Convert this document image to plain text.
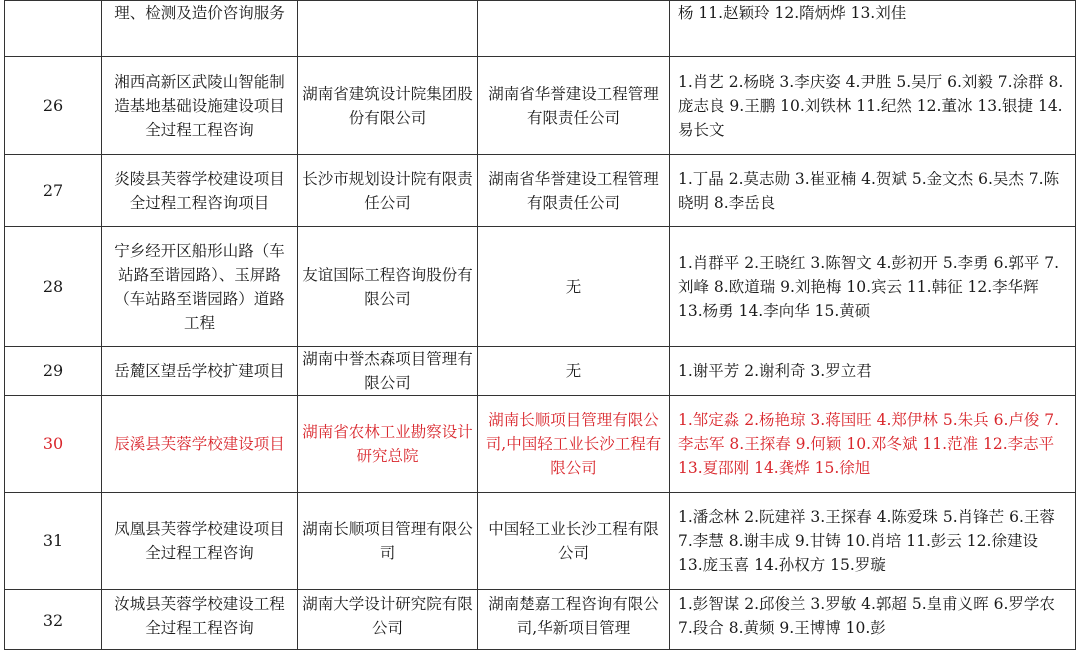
	理、检测及造价咨询服务			杨 11.赵颖玲 12.隋炳烨 13.刘佳
26	湘西高新区武陵山智能制造基地基础设施建设项目全过程工程咨询	湖南省建筑设计院集团股份有限公司	湖南省华誉建设工程管理有限责任公司	1.肖艺 2.杨晓 3.李庆姿 4.尹胜 5.吴厅 6.刘毅 7.涂群 8.庞志良 9.王鹏 10.刘铁林 11.纪然 12.董冰 13.银捷 14.易长文
27	炎陵县芙蓉学校建设项目全过程工程咨询项目	长沙市规划设计院有限责任公司	湖南省华誉建设工程管理有限责任公司	1.丁晶 2.莫志勋 3.崔亚楠 4.贺斌 5.金文杰 6.吴杰 7.陈晓明 8.李岳良
28	宁乡经开区船形山路（车站路至谐园路）、玉屏路（车站路至谐园路）道路工程	友谊国际工程咨询股份有限公司	无	1.肖群平 2.王晓红 3.陈智文 4.彭初开 5.李勇 6.郭平 7.刘峰 8.欧道瑞 9.刘艳梅 10.宾云 11.韩征 12.李华辉 13.杨勇 14.李向华 15.黄硕
29	岳麓区望岳学校扩建项目	湖南中誉杰森项目管理有限公司	无	1.谢平芳 2.谢利奇 3.罗立君
30	辰溪县芙蓉学校建设项目	湖南省农林工业勘察设计研究总院	湖南长顺项目管理有限公司,中国轻工业长沙工程有限公司	1.邹定淼 2.杨艳琼 3.蒋国旺 4.郑伊林 5.朱兵 6.卢俊 7.李志军 8.王探春 9.何颖 10.邓冬斌 11.范准 12.李志平 13.夏邵刚 14.龚烨 15.徐旭
31	凤凰县芙蓉学校建设项目全过程工程咨询	湖南长顺项目管理有限公司	中国轻工业长沙工程有限公司	1.潘念林 2.阮建祥 3.王探春 4.陈爱珠 5.肖锋芒 6.王蓉 7.李慧 8.谢丰成 9.甘铸 10.肖培 11.彭云 12.徐建设 13.庞玉喜 14.孙权方 15.罗璇
32	汝城县芙蓉学校建设工程全过程工程咨询	湖南大学设计研究院有限公司	湖南楚嘉工程咨询有限公司,华新项目管理	1.彭智谋 2.邱俊兰 3.罗敏 4.郭超 5.皇甫义晖 6.罗学农 7.段合 8.黄频 9.王博博 10.彭
